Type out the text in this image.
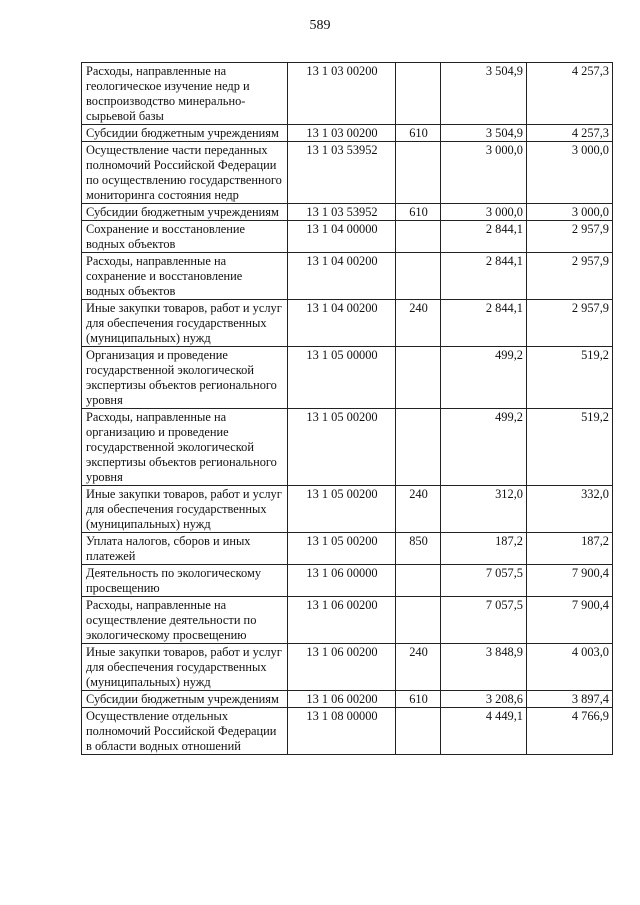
589
Расходы, направленные на геологическое изучение недр и воспроизводство минерально-сырьевой базы	13 1 03 00200		3 504,9	4 257,3
Субсидии бюджетным учреждениям	13 1 03 00200	610	3 504,9	4 257,3
Осуществление части переданных полномочий Российской Федерации по осуществлению государственного мониторинга состояния недр	13 1 03 53952		3 000,0	3 000,0
Субсидии бюджетным учреждениям	13 1 03 53952	610	3 000,0	3 000,0
Сохранение и восстановление водных объектов	13 1 04 00000		2 844,1	2 957,9
Расходы, направленные на сохранение и восстановление водных объектов	13 1 04 00200		2 844,1	2 957,9
Иные закупки товаров, работ и услуг для обеспечения государственных (муниципальных) нужд	13 1 04 00200	240	2 844,1	2 957,9
Организация и проведение государственной экологической экспертизы объектов регионального уровня	13 1 05 00000		499,2	519,2
Расходы, направленные на организацию и проведение государственной экологической экспертизы объектов регионального уровня	13 1 05 00200		499,2	519,2
Иные закупки товаров, работ и услуг для обеспечения государственных (муниципальных) нужд	13 1 05 00200	240	312,0	332,0
Уплата налогов, сборов и иных платежей	13 1 05 00200	850	187,2	187,2
Деятельность по экологическому просвещению	13 1 06 00000		7 057,5	7 900,4
Расходы, направленные на осуществление деятельности по экологическому просвещению	13 1 06 00200		7 057,5	7 900,4
Иные закупки товаров, работ и услуг для обеспечения государственных (муниципальных) нужд	13 1 06 00200	240	3 848,9	4 003,0
Субсидии бюджетным учреждениям	13 1 06 00200	610	3 208,6	3 897,4
Осуществление отдельных полномочий Российской Федерации в области водных отношений	13 1 08 00000		4 449,1	4 766,9
